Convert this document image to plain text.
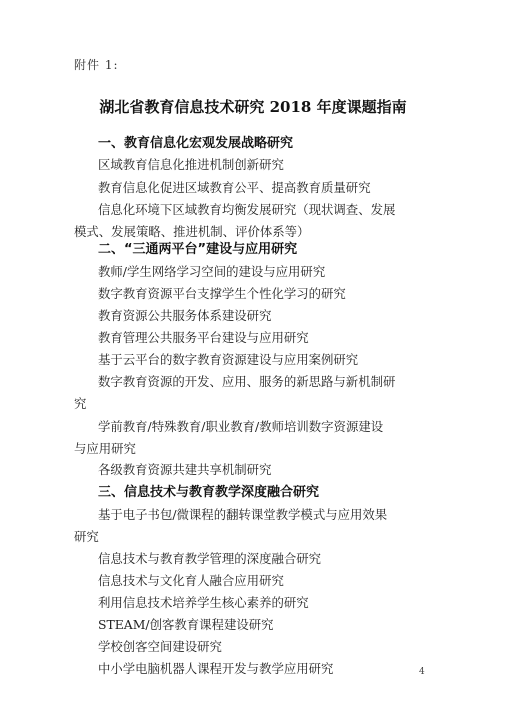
附件 1:
湖北省教育信息技术研究 2018 年度课题指南
一、教育信息化宏观发展战略研究
区域教育信息化推进机制创新研究
教育信息化促进区域教育公平、提高教育质量研究
信息化环境下区域教育均衡发展研究（现状调查、发展
模式、发展策略、推进机制、评价体系等）
二、“三通两平台”建设与应用研究
教师/学生网络学习空间的建设与应用研究
数字教育资源平台支撑学生个性化学习的研究
教育资源公共服务体系建设研究
教育管理公共服务平台建设与应用研究
基于云平台的数字教育资源建设与应用案例研究
数字教育资源的开发、应用、服务的新思路与新机制研
究
学前教育/特殊教育/职业教育/教师培训数字资源建设
与应用研究
各级教育资源共建共享机制研究
三、信息技术与教育教学深度融合研究
基于电子书包/微课程的翻转课堂教学模式与应用效果
研究
信息技术与教育教学管理的深度融合研究
信息技术与文化育人融合应用研究
利用信息技术培养学生核心素养的研究
STEAM/创客教育课程建设研究
学校创客空间建设研究
中小学电脑机器人课程开发与教学应用研究	4
